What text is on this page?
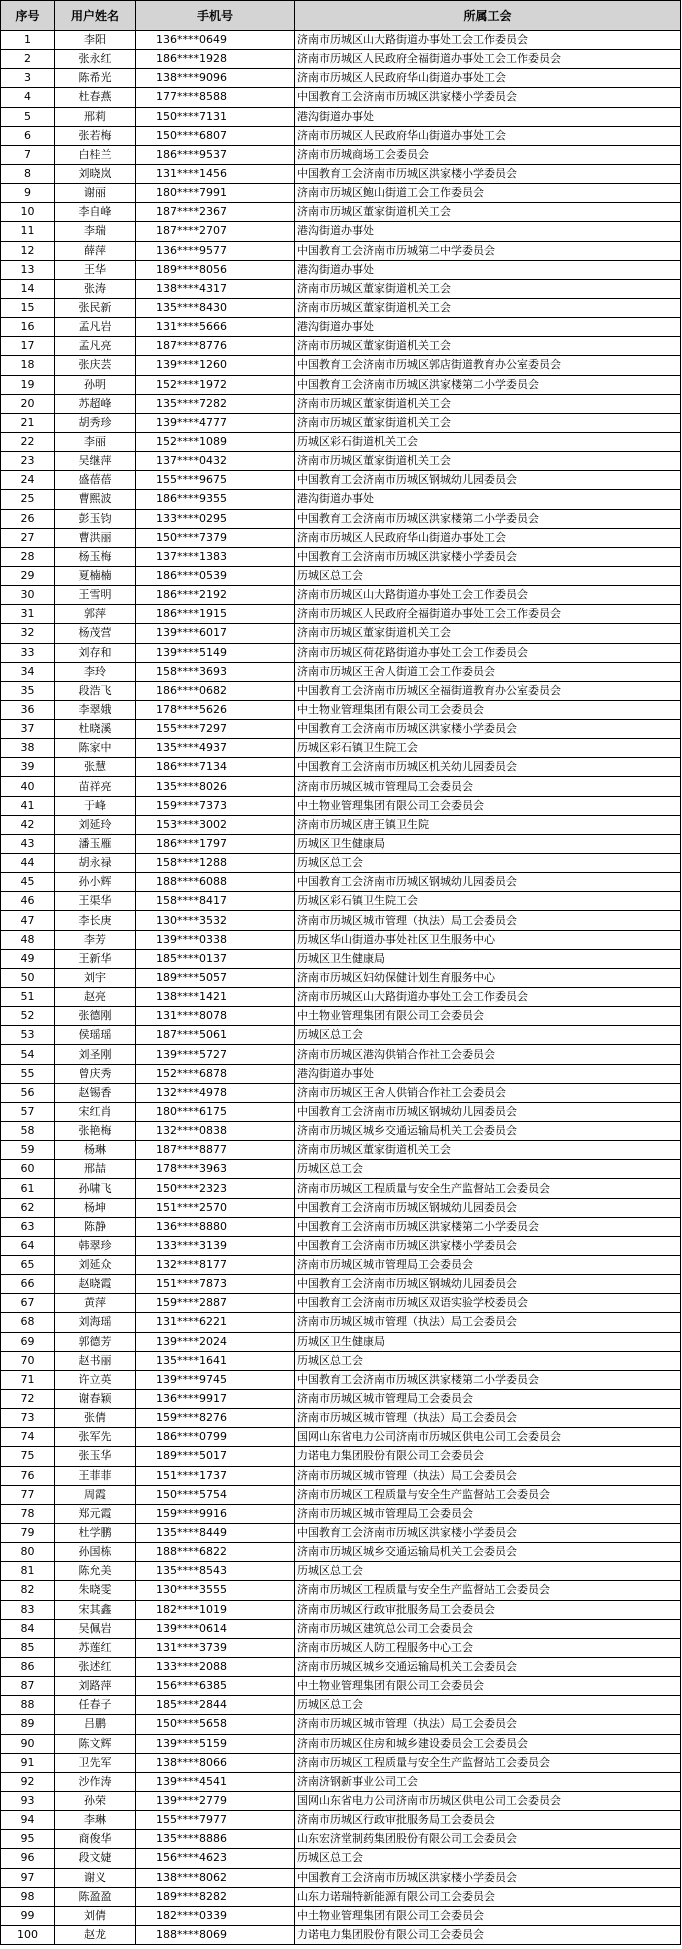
序号	用户姓名	手机号	所属工会
1	李阳	136****0649	济南市历城区山大路街道办事处工会工作委员会
2	张永红	186****1928	济南市历城区人民政府全福街道办事处工会工作委员会
3	陈希光	138****9096	济南市历城区人民政府华山街道办事处工会
4	杜春燕	177****8588	中国教育工会济南市历城区洪家楼小学委员会
5	邢莉	150****7131	港沟街道办事处
6	张若梅	150****6807	济南市历城区人民政府华山街道办事处工会
7	白桂兰	186****9537	济南市历城商场工会委员会
8	刘晓岚	131****1456	中国教育工会济南市历城区洪家楼小学委员会
9	谢丽	180****7991	济南市历城区鲍山街道工会工作委员会
10	李自峰	187****2367	济南市历城区董家街道机关工会
11	李瑞	187****2707	港沟街道办事处
12	薛萍	136****9577	中国教育工会济南市历城第二中学委员会
13	王华	189****8056	港沟街道办事处
14	张涛	138****4317	济南市历城区董家街道机关工会
15	张民新	135****8430	济南市历城区董家街道机关工会
16	孟凡岩	131****5666	港沟街道办事处
17	孟凡亮	187****8776	济南市历城区董家街道机关工会
18	张庆芸	139****1260	中国教育工会济南市历城区郭店街道教育办公室委员会
19	孙明	152****1972	中国教育工会济南市历城区洪家楼第二小学委员会
20	苏超峰	135****7282	济南市历城区董家街道机关工会
21	胡秀珍	139****4777	济南市历城区董家街道机关工会
22	李丽	152****1089	历城区彩石街道机关工会
23	吴继萍	137****0432	济南市历城区董家街道机关工会
24	盛蓓蓓	155****9675	中国教育工会济南市历城区钢城幼儿园委员会
25	曹熙波	186****9355	港沟街道办事处
26	彭玉钧	133****0295	中国教育工会济南市历城区洪家楼第二小学委员会
27	曹洪丽	150****7379	济南市历城区人民政府华山街道办事处工会
28	杨玉梅	137****1383	中国教育工会济南市历城区洪家楼小学委员会
29	夏楠楠	186****0539	历城区总工会
30	王雪明	186****2192	济南市历城区山大路街道办事处工会工作委员会
31	郭萍	186****1915	济南市历城区人民政府全福街道办事处工会工作委员会
32	杨茂营	139****6017	济南市历城区董家街道机关工会
33	刘存和	139****5149	济南市历城区荷花路街道办事处工会工作委员会
34	李玲	158****3693	济南市历城区王舍人街道工会工作委员会
35	段浩飞	186****0682	中国教育工会济南市历城区全福街道教育办公室委员会
36	李翠娥	178****5626	中土物业管理集团有限公司工会委员会
37	杜晓溪	155****7297	中国教育工会济南市历城区洪家楼小学委员会
38	陈家中	135****4937	历城区彩石镇卫生院工会
39	张慧	186****7134	中国教育工会济南市历城区机关幼儿园委员会
40	苗祥亮	135****8026	济南市历城区城市管理局工会委员会
41	于峰	159****7373	中土物业管理集团有限公司工会委员会
42	刘延玲	153****3002	济南市历城区唐王镇卫生院
43	潘玉雁	186****1797	历城区卫生健康局
44	胡永禄	158****1288	历城区总工会
45	孙小辉	188****6088	中国教育工会济南市历城区钢城幼儿园委员会
46	王渠华	158****8417	历城区彩石镇卫生院工会
47	李长庚	130****3532	济南市历城区城市管理（执法）局工会委员会
48	李芳	139****0338	历城区华山街道办事处社区卫生服务中心
49	王新华	185****0137	历城区卫生健康局
50	刘宇	189****5057	济南市历城区妇幼保健计划生育服务中心
51	赵亮	138****1421	济南市历城区山大路街道办事处工会工作委员会
52	张德刚	131****8078	中土物业管理集团有限公司工会委员会
53	侯瑶瑶	187****5061	历城区总工会
54	刘圣刚	139****5727	济南市历城区港沟供销合作社工会委员会
55	曾庆秀	152****6878	港沟街道办事处
56	赵锡香	132****4978	济南市历城区王舍人供销合作社工会委员会
57	宋红肖	180****6175	中国教育工会济南市历城区钢城幼儿园委员会
58	张艳梅	132****0838	济南市历城区城乡交通运输局机关工会委员会
59	杨琳	187****8877	济南市历城区董家街道机关工会
60	邢喆	178****3963	历城区总工会
61	孙啸飞	150****2323	济南市历城区工程质量与安全生产监督站工会委员会
62	杨坤	151****2570	中国教育工会济南市历城区钢城幼儿园委员会
63	陈静	136****8880	中国教育工会济南市历城区洪家楼第二小学委员会
64	韩翠珍	133****3139	中国教育工会济南市历城区洪家楼小学委员会
65	刘延众	132****8177	济南市历城区城市管理局工会委员会
66	赵晓霞	151****7873	中国教育工会济南市历城区钢城幼儿园委员会
67	黄萍	159****2887	中国教育工会济南市历城区双语实验学校委员会
68	刘海瑶	131****6221	济南市历城区城市管理（执法）局工会委员会
69	郭德芳	139****2024	历城区卫生健康局
70	赵书丽	135****1641	历城区总工会
71	许立英	139****9745	中国教育工会济南市历城区洪家楼第二小学委员会
72	谢春颖	136****9917	济南市历城区城市管理局工会委员会
73	张倩	159****8276	济南市历城区城市管理（执法）局工会委员会
74	张军先	186****0799	国网山东省电力公司济南市历城区供电公司工会委员会
75	张玉华	189****5017	力诺电力集团股份有限公司工会委员会
76	王菲菲	151****1737	济南市历城区城市管理（执法）局工会委员会
77	周霞	150****5754	济南市历城区工程质量与安全生产监督站工会委员会
78	郑元霞	159****9916	济南市历城区城市管理局工会委员会
79	杜学鹏	135****8449	中国教育工会济南市历城区洪家楼小学委员会
80	孙国栋	188****6822	济南市历城区城乡交通运输局机关工会委员会
81	陈允美	135****8543	历城区总工会
82	朱晓雯	130****3555	济南市历城区工程质量与安全生产监督站工会委员会
83	宋其鑫	182****1019	济南市历城区行政审批服务局工会委员会
84	吴佩岩	139****0614	济南市历城区建筑总公司工会委员会
85	苏莲红	131****3739	济南市历城区人防工程服务中心工会
86	张述红	133****2088	济南市历城区城乡交通运输局机关工会委员会
87	刘路萍	156****6385	中土物业管理集团有限公司工会委员会
88	任春子	185****2844	历城区总工会
89	吕鹏	150****5658	济南市历城区城市管理（执法）局工会委员会
90	陈文辉	139****5159	济南市历城区住房和城乡建设委员会工会委员会
91	卫先军	138****8066	济南市历城区工程质量与安全生产监督站工会委员会
92	沙作涛	139****4541	济南济钢新事业公司工会
93	孙荣	139****2779	国网山东省电力公司济南市历城区供电公司工会委员会
94	李琳	155****7977	济南市历城区行政审批服务局工会委员会
95	商俊华	135****8886	山东宏济堂制药集团股份有限公司工会委员会
96	段文婕	156****4623	历城区总工会
97	谢义	138****8062	中国教育工会济南市历城区洪家楼小学委员会
98	陈盈盈	189****8282	山东力诺瑞特新能源有限公司工会委员会
99	刘倩	182****0339	中土物业管理集团有限公司工会委员会
100	赵龙	188****8069	力诺电力集团股份有限公司工会委员会
